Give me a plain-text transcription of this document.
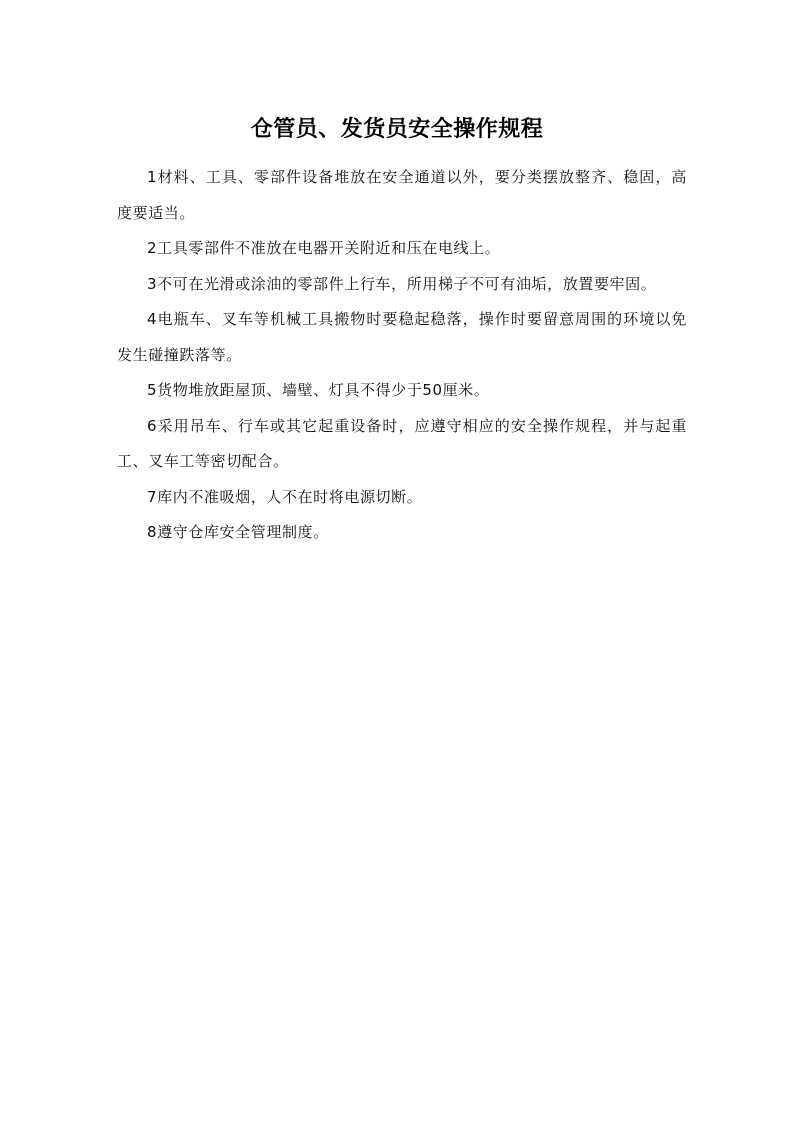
仓管员、发货员安全操作规程

1材料、工具、零部件设备堆放在安全通道以外，要分类摆放整齐、稳固，高度要适当。

2工具零部件不准放在电器开关附近和压在电线上。

3不可在光滑或涂油的零部件上行车，所用梯子不可有油垢，放置要牢固。

4电瓶车、叉车等机械工具搬物时要稳起稳落，操作时要留意周围的环境以免发生碰撞跌落等。

5货物堆放距屋顶、墙壁、灯具不得少于50厘米。

6采用吊车、行车或其它起重设备时，应遵守相应的安全操作规程，并与起重工、叉车工等密切配合。

7库内不准吸烟，人不在时将电源切断。

8遵守仓库安全管理制度。
